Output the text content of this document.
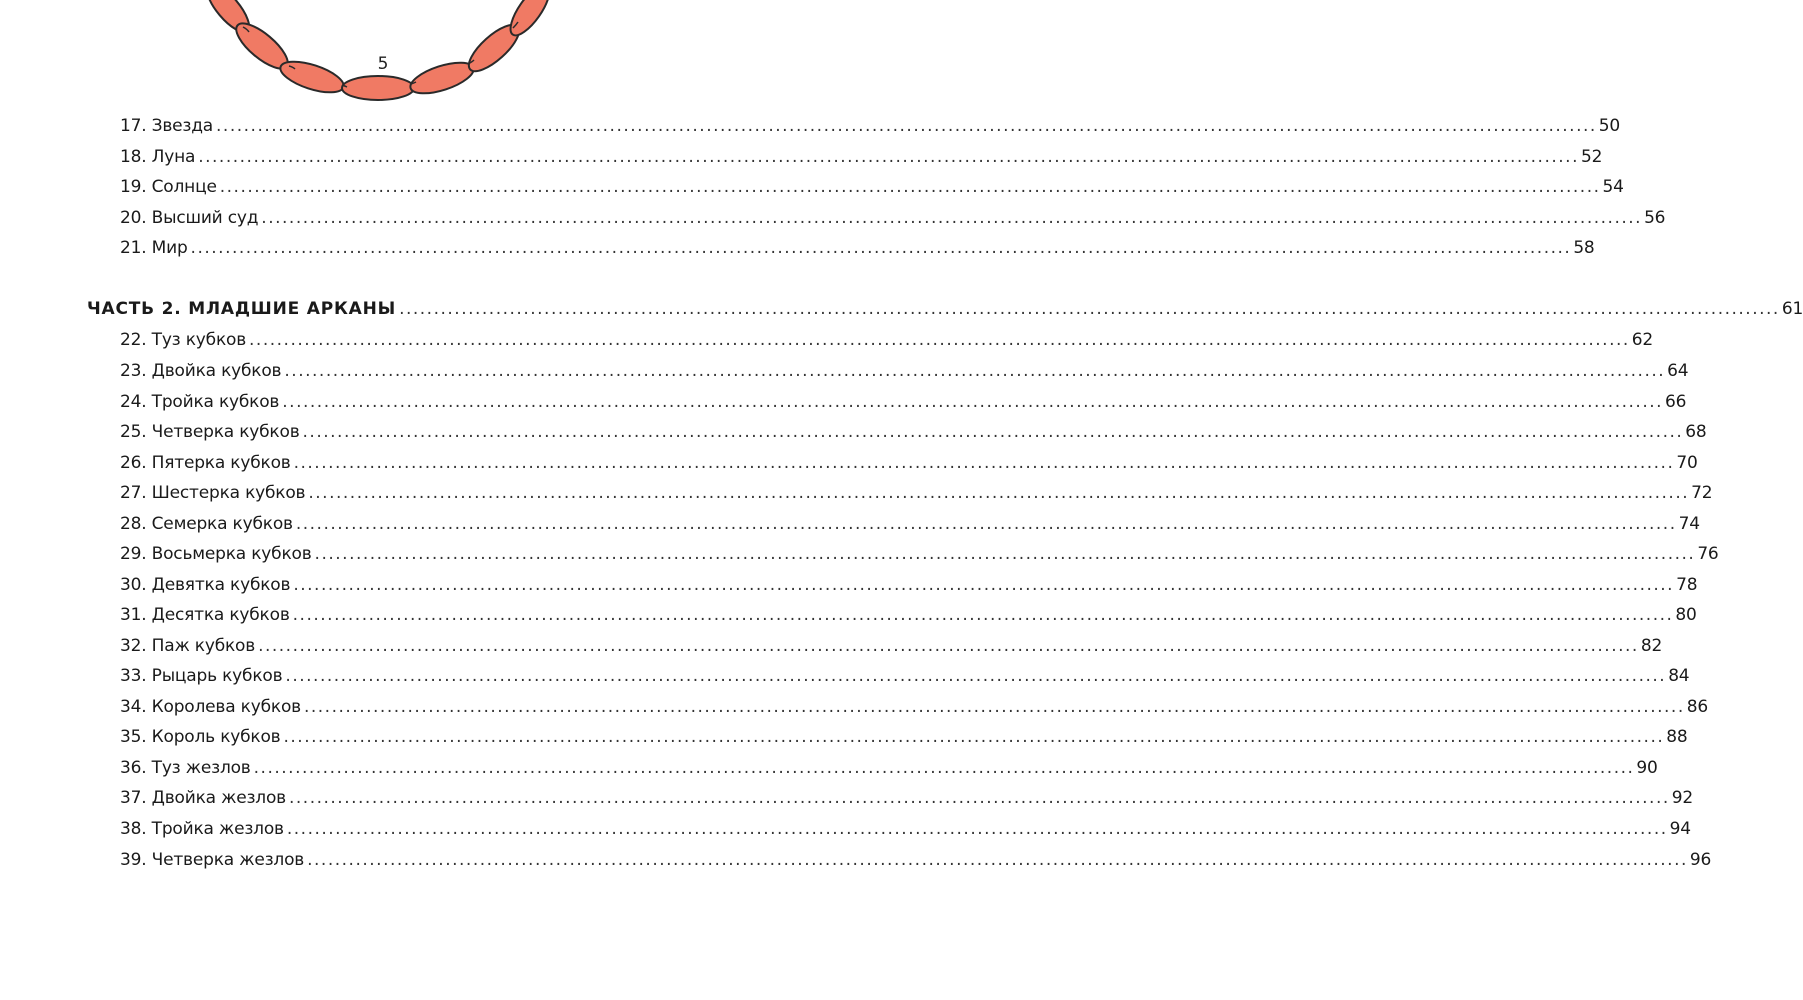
5
17. Звезда ........................................................................................................................................................................................................ 50
18. Луна ........................................................................................................................................................................................................ 52
19. Солнце ........................................................................................................................................................................................................ 54
20. Высший суд ........................................................................................................................................................................................................ 56
21. Мир ........................................................................................................................................................................................................ 58
ЧАСТЬ 2. МЛАДШИЕ АРКАНЫ ........................................................................................................................................................................................................ 61
22. Туз кубков ........................................................................................................................................................................................................ 62
23. Двойка кубков ........................................................................................................................................................................................................ 64
24. Тройка кубков ........................................................................................................................................................................................................ 66
25. Четверка кубков ........................................................................................................................................................................................................ 68
26. Пятерка кубков ........................................................................................................................................................................................................ 70
27. Шестерка кубков ........................................................................................................................................................................................................ 72
28. Семерка кубков ........................................................................................................................................................................................................ 74
29. Восьмерка кубков ........................................................................................................................................................................................................ 76
30. Девятка кубков ........................................................................................................................................................................................................ 78
31. Десятка кубков ........................................................................................................................................................................................................ 80
32. Паж кубков ........................................................................................................................................................................................................ 82
33. Рыцарь кубков ........................................................................................................................................................................................................ 84
34. Королева кубков ........................................................................................................................................................................................................ 86
35. Король кубков ........................................................................................................................................................................................................ 88
36. Туз жезлов ........................................................................................................................................................................................................ 90
37. Двойка жезлов ........................................................................................................................................................................................................ 92
38. Тройка жезлов ........................................................................................................................................................................................................ 94
39. Четверка жезлов ........................................................................................................................................................................................................ 96
